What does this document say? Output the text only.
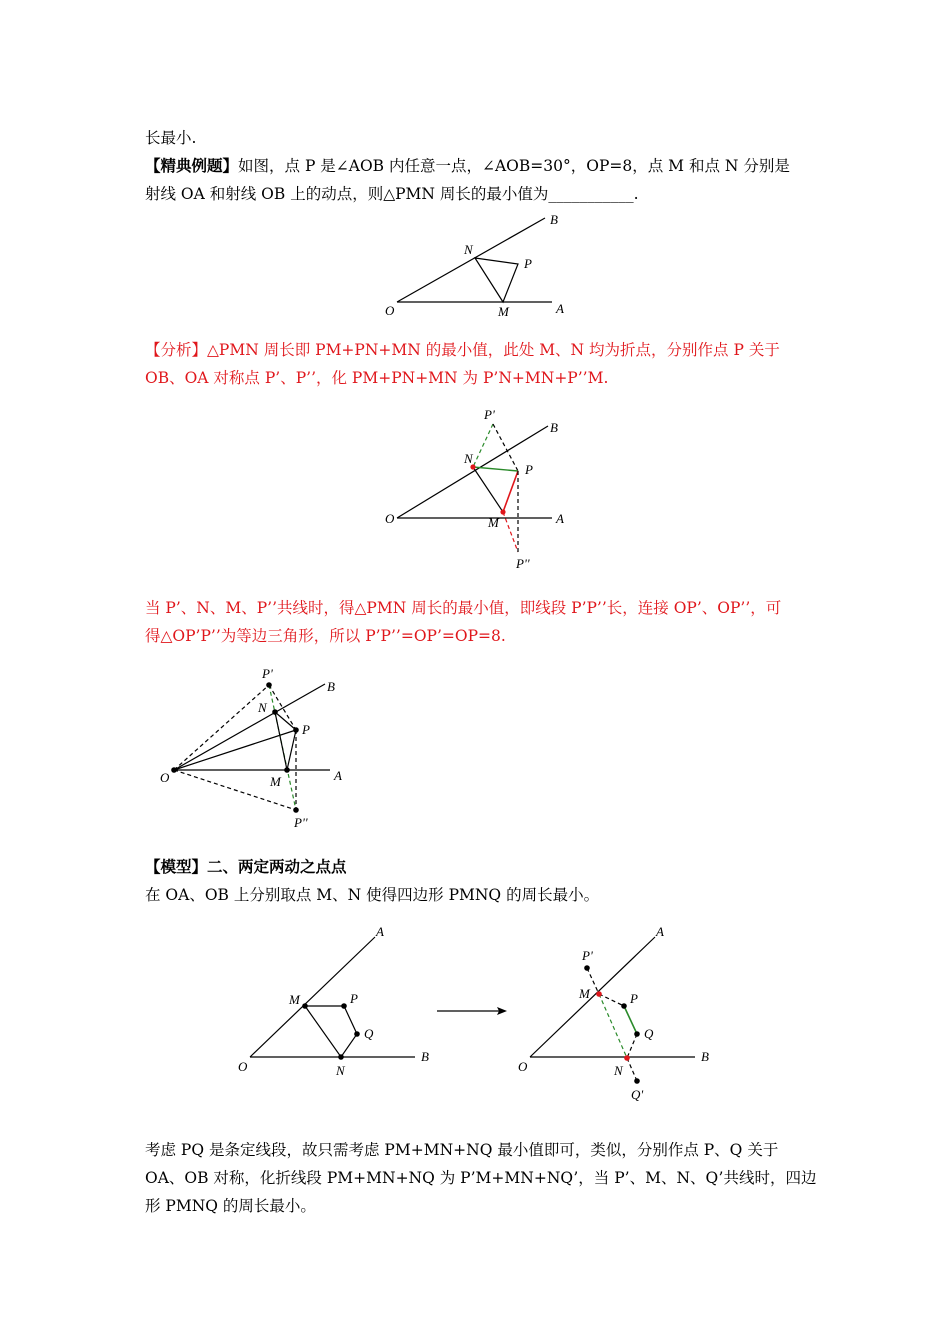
长最小.
【精典例题】如图，点 P 是∠AOB 内任意一点，∠AOB=30°，OP=8，点 M 和点 N 分别是
射线 OA 和射线 OB 上的动点，则△PMN 周长的最小值为___________.
B
N
P
O	M	A
【分析】△PMN 周长即 PM+PN+MN 的最小值，此处 M、N 均为折点，分别作点 P 关于
OB、OA 对称点 P’、P’’，化 PM+PN+MN 为 P’N+MN+P’’M.
P'
B
N
P
O	M	A
P''
当 P’、N、M、P’’共线时，得△PMN 周长的最小值，即线段 P’P’’长，连接 OP’、OP’’，可
得△OP’P’’为等边三角形，所以 P’P’’=OP’=OP=8.
P'
B
N
P
O	M	A
P''
【模型】二、两定两动之点点
在 OA、OB 上分别取点 M、N 使得四边形 PMNQ 的周长最小。
A
M	P
Q
O	N
B
A
P'
M	P
Q
O	N
B
Q'
考虑 PQ 是条定线段，故只需考虑 PM+MN+NQ 最小值即可，类似，分别作点 P、Q 关于
OA、OB 对称，化折线段 PM+MN+NQ 为 P’M+MN+NQ’，当 P’、M、N、Q’共线时，四边
形 PMNQ 的周长最小。
